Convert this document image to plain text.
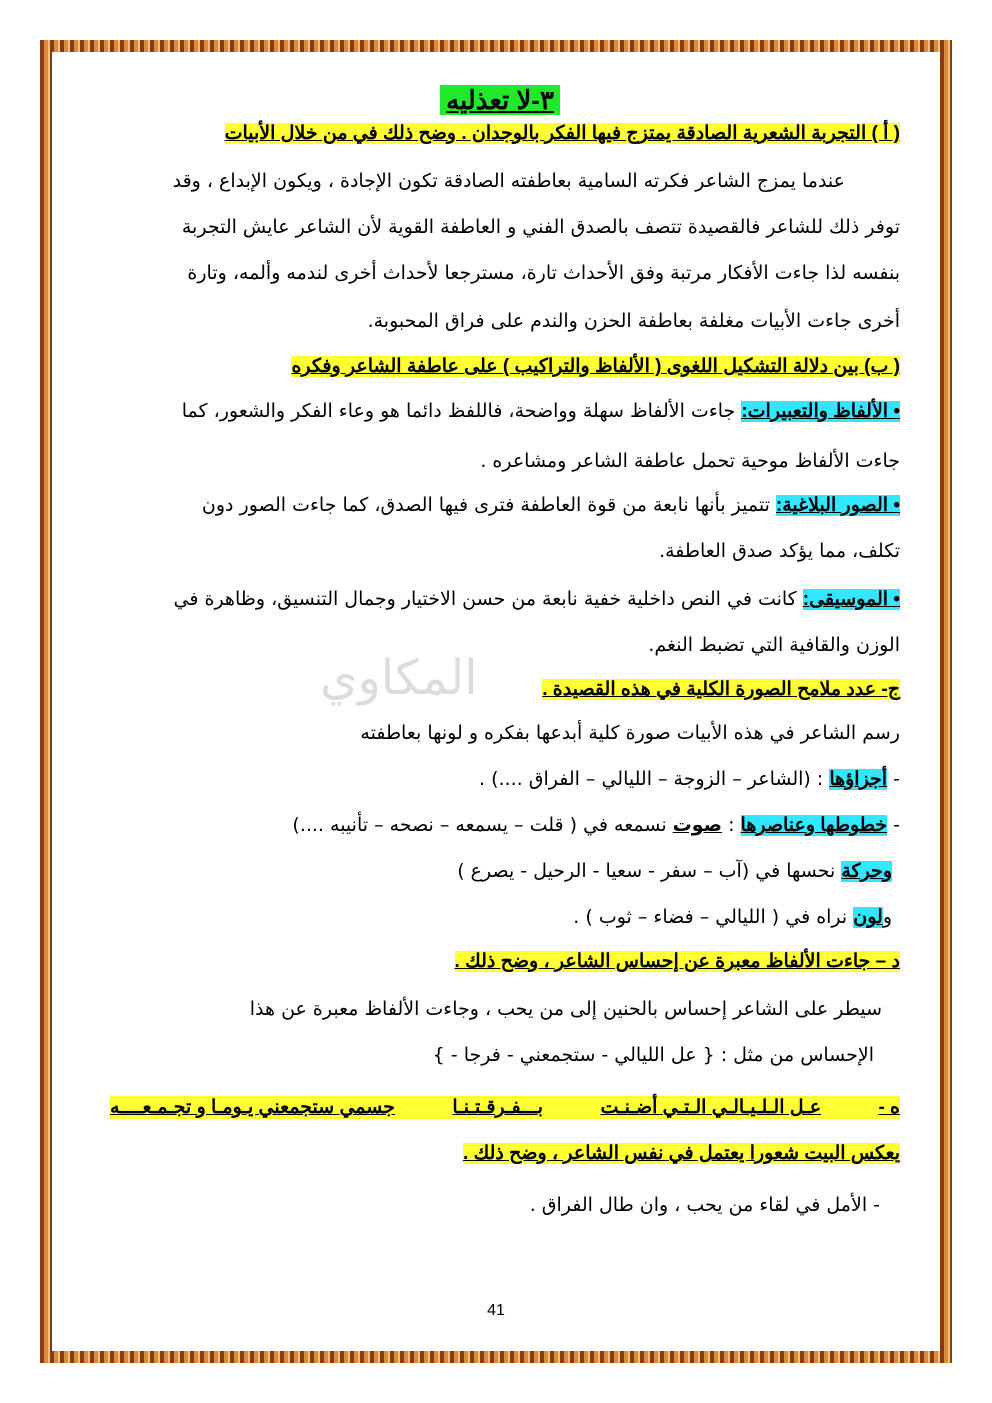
المكاوي
٣-لا تعذليه
( أ ) التجربة الشعرية الصادقة يمتزج فيها الفكر بالوجدان . وضح ذلك في من خلال الأبيات
عندما يمزج الشاعر فكرته السامية بعاطفته الصادقة تكون الإجادة ، ويكون الإبداع ، وقد
توفر ذلك للشاعر فالقصيدة تتصف بالصدق الفني و العاطفة القوية لأن الشاعر عايش التجربة
بنفسه لذا جاءت الأفكار مرتبة وفق الأحداث تارة، مسترجعا لأحداث أخرى لندمه وألمه، وتارة
أخرى جاءت الأبيات مغلفة بعاطفة الحزن والندم على فراق المحبوبة.
( ب) بين دلالة التشكيل اللغوى ( الألفاظ والتراكيب ) على عاطفة الشاعر وفكره
• الألفاظ والتعبيرات: جاءت الألفاظ سهلة وواضحة، فاللفظ دائما هو وعاء الفكر والشعور، كما
جاءت الألفاظ موحية تحمل عاطفة الشاعر ومشاعره .
• الصور البلاغية: تتميز بأنها نابعة من قوة العاطفة فترى فيها الصدق، كما جاءت الصور دون
تكلف، مما يؤكد صدق العاطفة.
• الموسيقى: كانت في النص داخلية خفية نابعة من حسن الاختيار وجمال التنسيق، وظاهرة في
الوزن والقافية التي تضبط النغم.
ج- عدد ملامح الصورة الكلية في هذه القصيدة .
رسم الشاعر في هذه الأبيات صورة كلية أبدعها بفكره و لونها بعاطفته
- أجزاؤها : (الشاعر – الزوجة – الليالي – الفراق ....) .
- خطوطها وعناصرها : صوت نسمعه في ( قلت – يسمعه – نصحه – تأنيبه ....)
وحركة نحسها في (آب – سفر - سعيا - الرحيل - يصرع )
ولون نراه في ( الليالي – فضاء – ثوب ) .
د – جاءت الألفاظ معبرة عن إحساس الشاعر ، وضح ذلك .
سيطر على الشاعر إحساس بالحنين إلى من يحب ، وجاءت الألفاظ معبرة عن هذا
الإحساس من مثل : { عل الليالي - ستجمعني - فرجا - }
ه -
عـل الـلـيـالـي الـتـي أضـنـت
بـــفـرقـتـنـا
جسمي ستجمعني يـومـا و تجـمـعــــه
يعكس البيت شعورا يعتمل في نفس الشاعر ، وضح ذلك .
- الأمل في لقاء من يحب ، وان طال الفراق .
41
